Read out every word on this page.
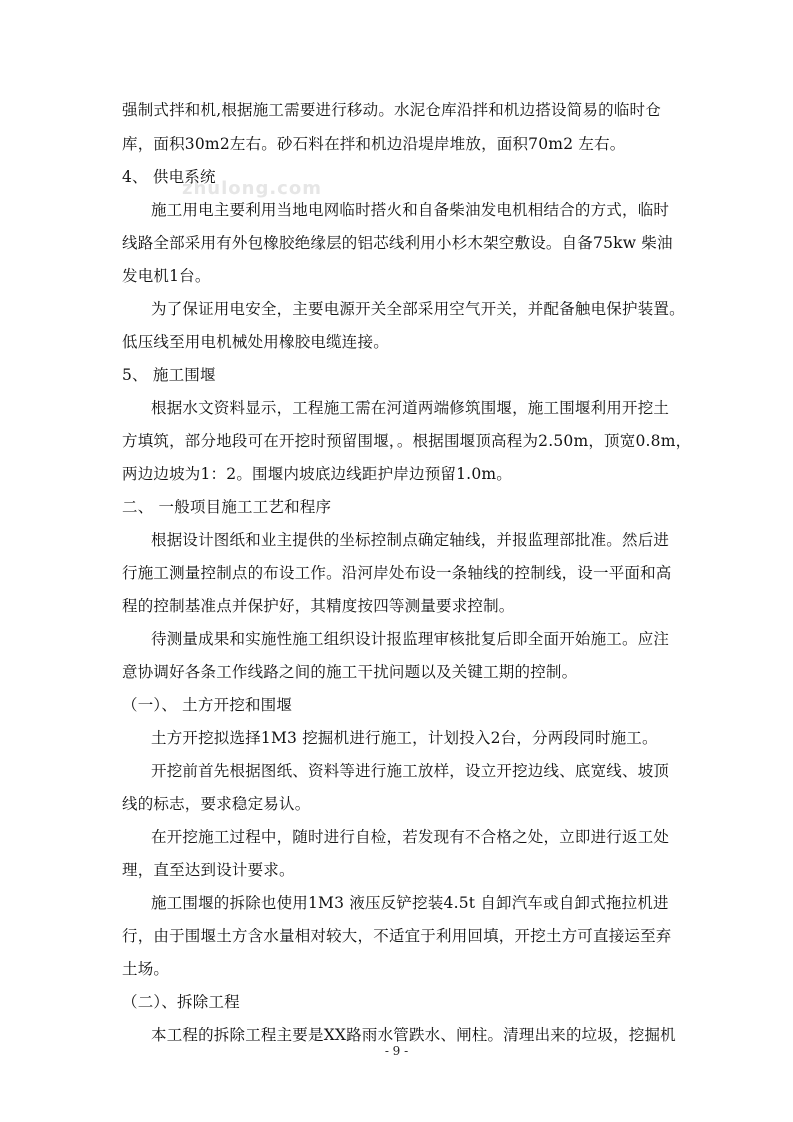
zhulong.com
强制式拌和机,根据施工需要进行移动。水泥仓库沿拌和机边搭设简易的临时仓
库，面积30m2左右。砂石料在拌和机边沿堤岸堆放，面积70m2 左右。
4、 供电系统
施工用电主要利用当地电网临时搭火和自备柴油发电机相结合的方式，临时
线路全部采用有外包橡胶绝缘层的铝芯线利用小杉木架空敷设。自备75kw 柴油
发电机1台。
为了保证用电安全，主要电源开关全部采用空气开关，并配备触电保护装置。
低压线至用电机械处用橡胶电缆连接。
5、 施工围堰
根据水文资料显示，工程施工需在河道两端修筑围堰，施工围堰利用开挖土
方填筑，部分地段可在开挖时预留围堰，。根据围堰顶高程为2.50m，顶宽0.8m，
两边边坡为1：2。围堰内坡底边线距护岸边预留1.0m。
二、 一般项目施工工艺和程序
根据设计图纸和业主提供的坐标控制点确定轴线，并报监理部批准。然后进
行施工测量控制点的布设工作。沿河岸处布设一条轴线的控制线，设一平面和高
程的控制基准点并保护好，其精度按四等测量要求控制。
待测量成果和实施性施工组织设计报监理审核批复后即全面开始施工。应注
意协调好各条工作线路之间的施工干扰问题以及关键工期的控制。
（一）、 土方开挖和围堰
土方开挖拟选择1M3 挖掘机进行施工，计划投入2台，分两段同时施工。
开挖前首先根据图纸、资料等进行施工放样，设立开挖边线、底宽线、坡顶
线的标志，要求稳定易认。
在开挖施工过程中，随时进行自检，若发现有不合格之处，立即进行返工处
理，直至达到设计要求。
施工围堰的拆除也使用1M3 液压反铲挖装4.5t 自卸汽车或自卸式拖拉机进
行，由于围堰土方含水量相对较大，不适宜于利用回填，开挖土方可直接运至弃
土场。
（二）、拆除工程
本工程的拆除工程主要是XX路雨水管跌水、闸柱。清理出来的垃圾，挖掘机
- 9 -
